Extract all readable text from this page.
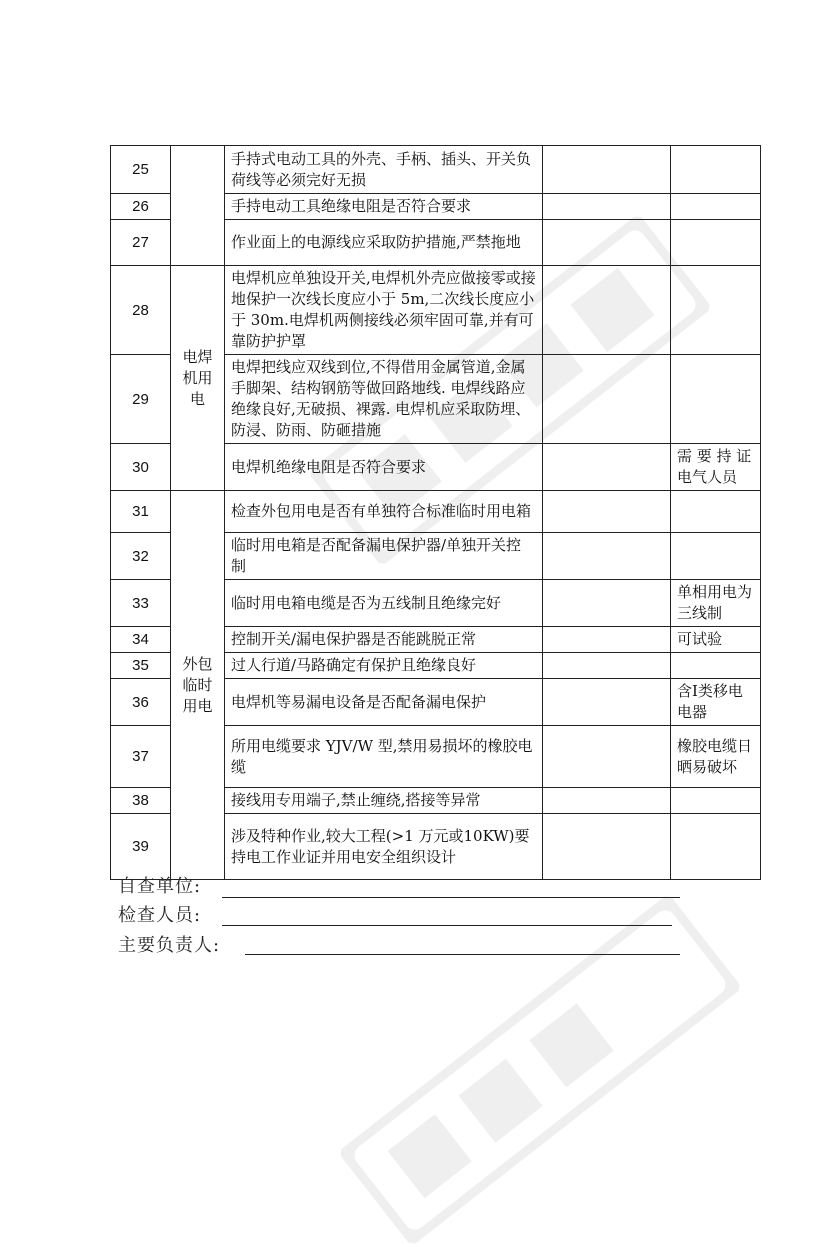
25		手持式电动工具的外壳、手柄、插头、开关负荷线等必须完好无损		
26		手持电动工具绝缘电阻是否符合要求		
27		作业面上的电源线应采取防护措施,严禁拖地		
28	电焊机用电	电焊机应单独设开关,电焊机外壳应做接零或接地保护一次线长度应小于 5m,二次线长度应小于 30m.电焊机两侧接线必须牢固可靠,并有可靠防护护罩		
29		电焊把线应双线到位,不得借用金属管道,金属手脚架、结构钢筋等做回路地线. 电焊线路应绝缘良好,无破损、裸露. 电焊机应采取防埋、防浸、防雨、防砸措施		
30		电焊机绝缘电阻是否符合要求		需 要 持 证电气人员
31	外包临时用电	检查外包用电是否有单独符合标准临时用电箱		
32		临时用电箱是否配备漏电保护器/单独开关控制		
33		临时用电箱电缆是否为五线制且绝缘完好		单相用电为三线制
34		控制开关/漏电保护器是否能跳脱正常		可试验
35		过人行道/马路确定有保护且绝缘良好		
36		电焊机等易漏电设备是否配备漏电保护		含Ⅰ类移电电器
37		所用电缆要求 YJV/W 型,禁用易损坏的橡胶电缆		橡胶电缆日晒易破坏
38		接线用专用端子,禁止缠绕,搭接等异常		
39		涉及特种作业,较大工程(>1 万元或10KW)要持电工作业证并用电安全组织设计		
自查单位:
检查人员:
主要负责人:
